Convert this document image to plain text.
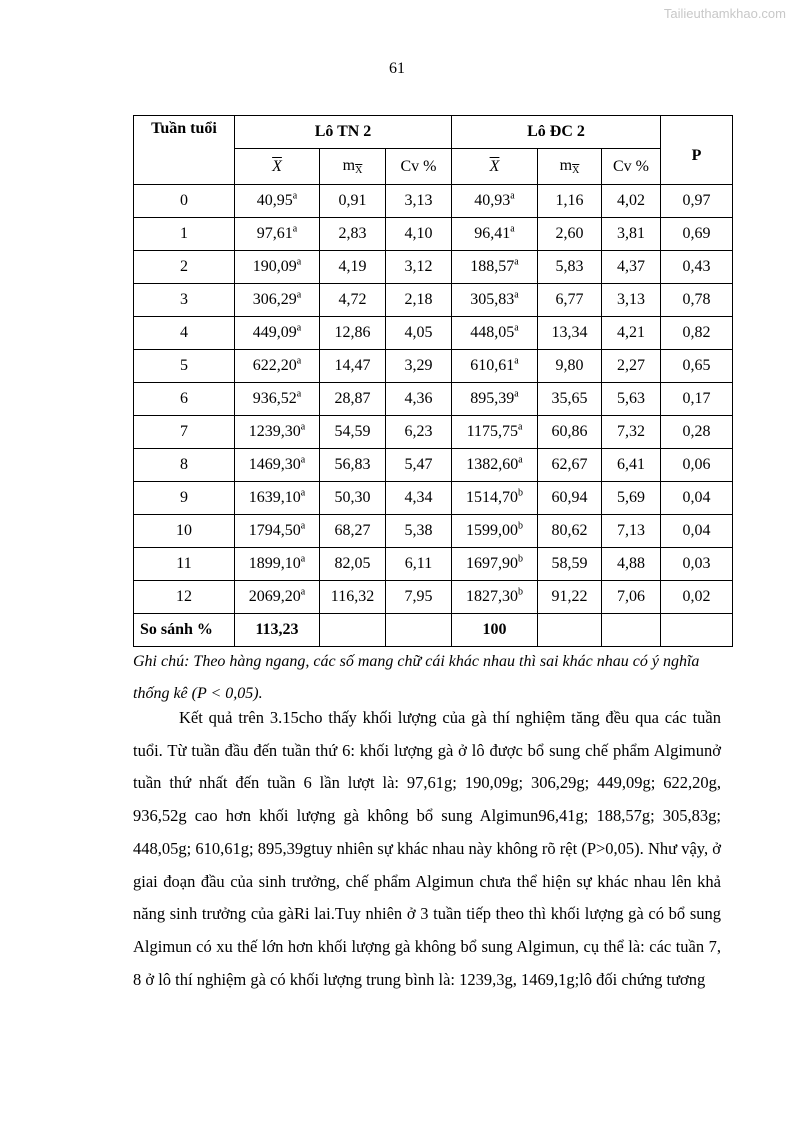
Tailieuthamkhao.com
61
Tuần tuổi	Lô TN 2			Lô ĐC 2			P
	$\overline{X}$	$m\overline{X}$	Cv %	$\overline{X}$	$m\overline{X}$	Cv %	
0	40,95$^a$	0,91	3,13	40,93$^a$	1,16	4,02	0,97
1	97,61$^a$	2,83	4,10	96,41$^a$	2,60	3,81	0,69
2	190,09$^a$	4,19	3,12	188,57$^a$	5,83	4,37	0,43
3	306,29$^a$	4,72	2,18	305,83$^a$	6,77	3,13	0,78
4	449,09$^a$	12,86	4,05	448,05$^a$	13,34	4,21	0,82
5	622,20$^a$	14,47	3,29	610,61$^a$	9,80	2,27	0,65
6	936,52$^a$	28,87	4,36	895,39$^a$	35,65	5,63	0,17
7	1239,30$^a$	54,59	6,23	1175,75$^a$	60,86	7,32	0,28
8	1469,30$^a$	56,83	5,47	1382,60$^a$	62,67	6,41	0,06
9	1639,10$^a$	50,30	4,34	1514,70$^b$	60,94	5,69	0,04
10	1794,50$^a$	68,27	5,38	1599,00$^b$	80,62	7,13	0,04
11	1899,10$^a$	82,05	6,11	1697,90$^b$	58,59	4,88	0,03
12	2069,20$^a$	116,32	7,95	1827,30$^b$	91,22	7,06	0,02
So sánh %	113,23			100			
Ghi chú: Theo hàng ngang, các số mang chữ cái khác nhau thì sai khác nhau có ý nghĩa thống kê (P < 0,05).
Kết quả trên 3.15cho thấy khối lượng của gà thí nghiệm tăng đều qua các tuần tuổi. Từ tuần đầu đến tuần thứ 6: khối lượng gà ở lô được bổ sung chế phẩm Algimunở tuần thứ nhất đến tuần 6 lần lượt là: 97,61g; 190,09g; 306,29g; 449,09g; 622,20g, 936,52g cao hơn khối lượng gà không bổ sung Algimun96,41g; 188,57g; 305,83g; 448,05g; 610,61g; 895,39gtuy nhiên sự khác nhau này không rõ rệt (P>0,05). Như vậy, ở giai đoạn đầu của sinh trưởng, chế phẩm Algimun chưa thể hiện sự khác nhau lên khả năng sinh trưởng của gàRi lai.Tuy nhiên ở 3 tuần tiếp theo thì khối lượng gà có bổ sung Algimun có xu thế lớn hơn khối lượng gà không bổ sung Algimun, cụ thể là: các tuần 7, 8 ở lô thí nghiệm gà có khối lượng trung bình là: 1239,3g, 1469,1g;lô đối chứng tương
